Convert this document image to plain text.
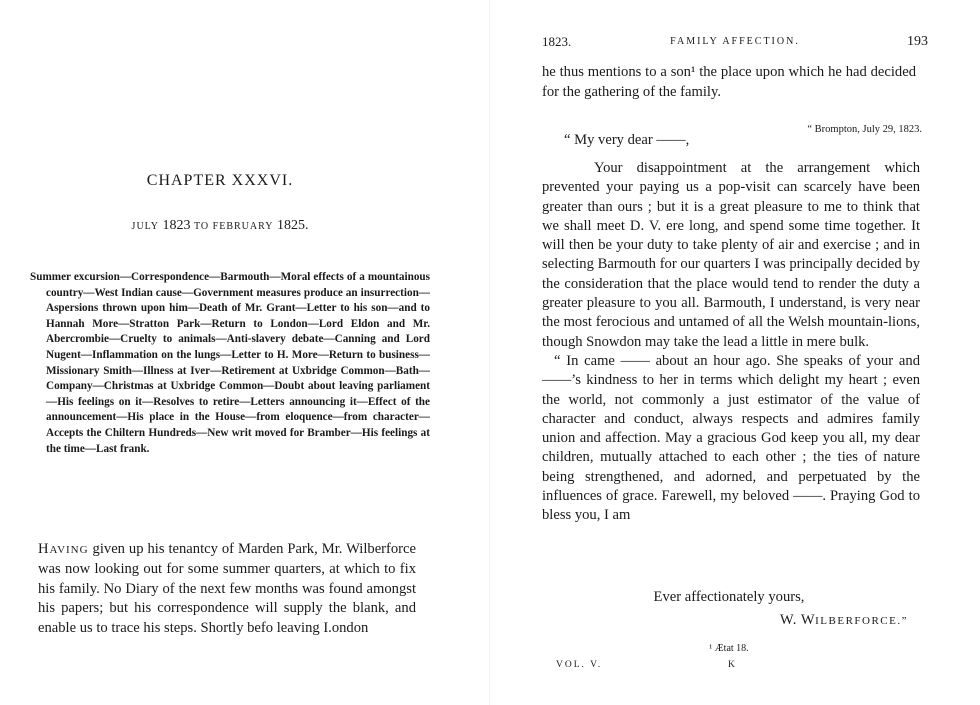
CHAPTER XXXVI.
JULY 1823 TO FEBRUARY 1825.
Summer excursion—Correspondence—Barmouth—Moral effects of a mountainous country—West Indian cause—Government measures produce an insurrection—Aspersions thrown upon him—Death of Mr. Grant—Letter to his son—and to Hannah More—Stratton Park—Return to London—Lord Eldon and Mr. Abercrombie—Cruelty to animals—Anti-slavery debate—Canning and Lord Nugent—Inflammation on the lungs—Letter to H. More—Return to business—Missionary Smith—Illness at Iver—Retirement at Uxbridge Common—Bath—Company—Christmas at Uxbridge Common—Doubt about leaving parliament—His feelings on it—Resolves to retire—Letters announcing it—Effect of the announcement—His place in the House—from eloquence—from character—Accepts the Chiltern Hundreds—New writ moved for Bramber—His feelings at the time—Last frank.
HAVING given up his tenantcy of Marden Park, Mr. Wilberforce was now looking out for some summer quarters, at which to fix his family. No Diary of the next few months was found amongst his papers; but his correspondence will supply the blank, and enable us to trace his steps. Shortly befo leaving I.ondon
1823.	FAMILY AFFECTION.	193
he thus mentions to a son¹ the place upon which he had decided for the gathering of the family.
“ Brompton, July 29, 1823.
“ My very dear ——,

Your disappointment at the arrangement which prevented your paying us a pop-visit can scarcely have been greater than ours ; but it is a great pleasure to me to think that we shall meet D. V. ere long, and spend some time together. It will then be your duty to take plenty of air and exercise ; and in selecting Barmouth for our quarters I was principally decided by the consideration that the place would tend to render the duty a greater pleasure to you all. Barmouth, I understand, is very near the most ferocious and untamed of all the Welsh mountain-lions, though Snowdon may take the lead a little in mere bulk.

“ In came —— about an hour ago. She speaks of your and ——’s kindness to her in terms which delight my heart ; even the world, not commonly a just estimator of the value of character and conduct, always respects and admires family union and affection. May a gracious God keep you all, my dear children, mutually attached to each other ; the ties of nature being strengthened, and adorned, and perpetuated by the influences of grace. Farewell, my beloved ——. Praying God to bless you, I am

Ever affectionately yours,
W. WILBERFORCE.”
¹ Ætat 18.
VOL. V.	K
